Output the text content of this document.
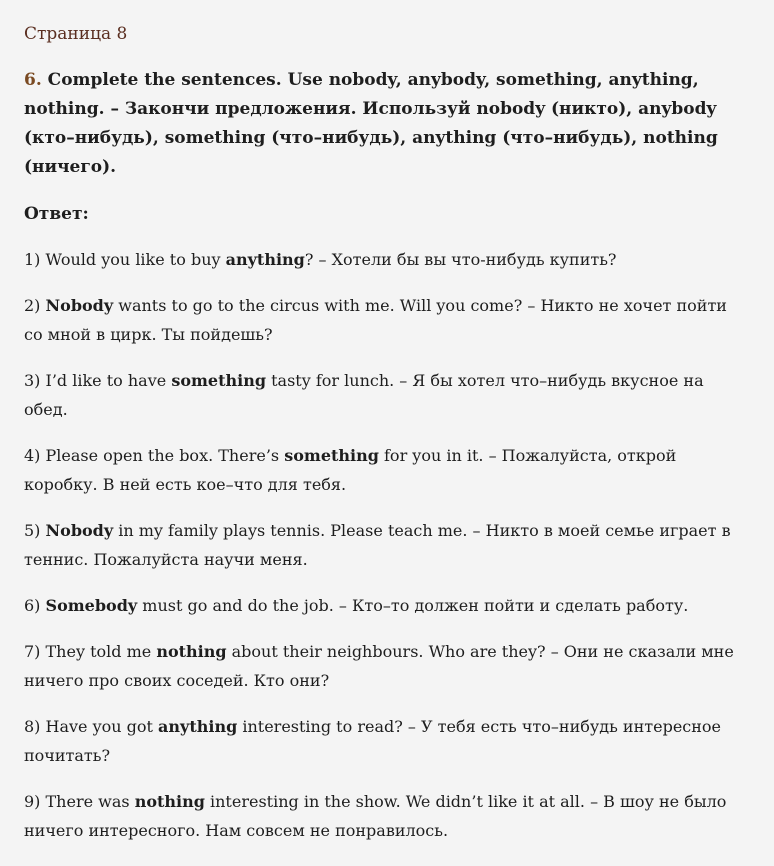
Страница 8

6. Complete the sentences. Use nobody, anybody, something, anything, nothing. – Закончи предложения. Используй nobody (никто), anybody (кто–нибудь), something (что–нибудь), anything (что–нибудь), nothing (ничего).

Ответ:

1) Would you like to buy anything? – Хотели бы вы что-нибудь купить?

2) Nobody wants to go to the circus with me. Will you come? – Никто не хочет пойти со мной в цирк. Ты пойдешь?

3) I’d like to have something tasty for lunch. – Я бы хотел что–нибудь вкусное на обед.

4) Please open the box. There’s something for you in it. – Пожалуйста, открой коробку. В ней есть кое–что для тебя.

5) Nobody in my family plays tennis. Please teach me. – Никто в моей семье играет в теннис. Пожалуйста научи меня.

6) Somebody must go and do the job. – Кто–то должен пойти и сделать работу.

7) They told me nothing about their neighbours. Who are they? – Они не сказали мне ничего про своих соседей. Кто они?

8) Have you got anything interesting to read? – У тебя есть что–нибудь интересное почитать?

9) There was nothing interesting in the show. We didn’t like it at all. – В шоу не было ничего интересного. Нам совсем не понравилось.
